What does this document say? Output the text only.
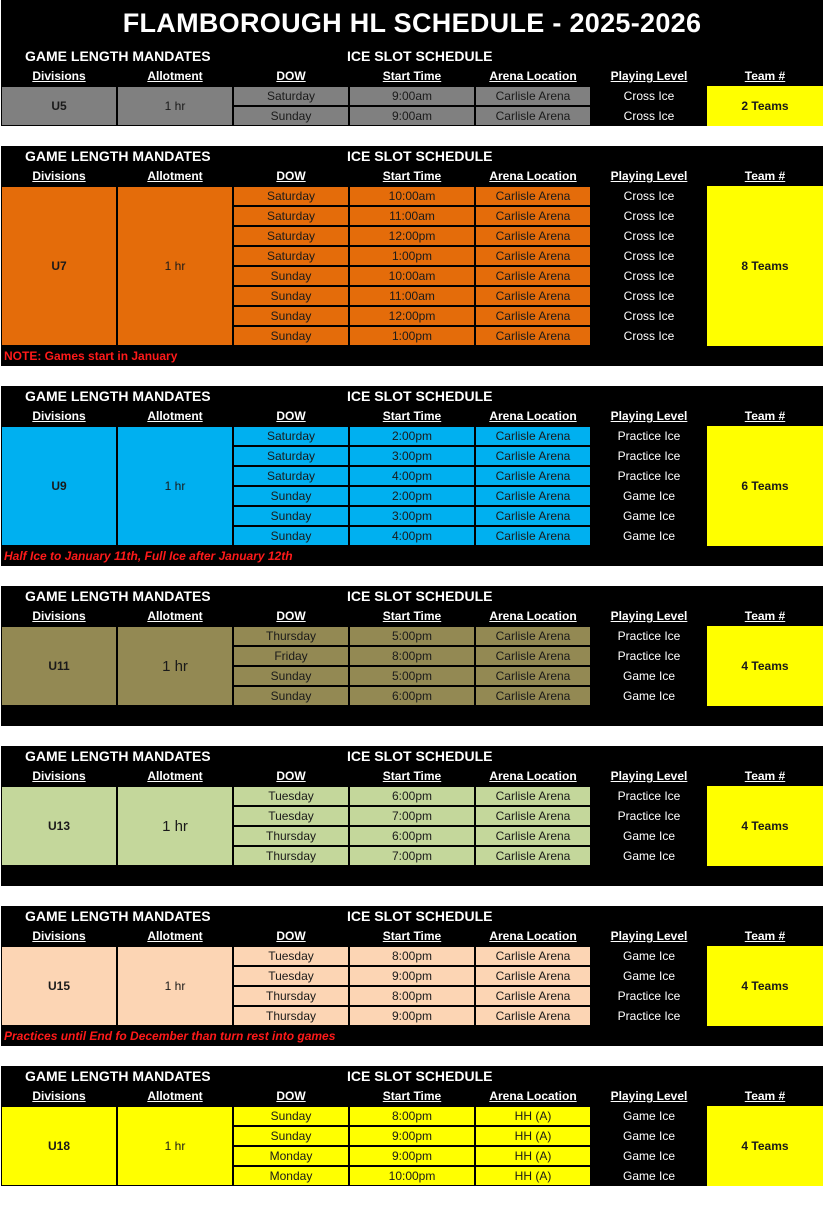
FLAMBOROUGH HL SCHEDULE - 2025-2026
GAME LENGTH MANDATES	ICE SLOT SCHEDULE
Divisions	Allotment	DOW	Start Time	Arena Location	Playing Level	Team #
U5	1 hr
Saturday	9:00am	Carlisle Arena	Cross Ice
Sunday	9:00am	Carlisle Arena	Cross Ice
2 Teams
GAME LENGTH MANDATES	ICE SLOT SCHEDULE
Divisions	Allotment	DOW	Start Time	Arena Location	Playing Level	Team #
U7	1 hr
Saturday	10:00am	Carlisle Arena	Cross Ice
Saturday	11:00am	Carlisle Arena	Cross Ice
Saturday	12:00pm	Carlisle Arena	Cross Ice
Saturday	1:00pm	Carlisle Arena	Cross Ice
Sunday	10:00am	Carlisle Arena	Cross Ice
Sunday	11:00am	Carlisle Arena	Cross Ice
Sunday	12:00pm	Carlisle Arena	Cross Ice
Sunday	1:00pm	Carlisle Arena	Cross Ice
8 Teams
NOTE: Games start in January
GAME LENGTH MANDATES	ICE SLOT SCHEDULE
Divisions	Allotment	DOW	Start Time	Arena Location	Playing Level	Team #
U9	1 hr
Saturday	2:00pm	Carlisle Arena	Practice Ice
Saturday	3:00pm	Carlisle Arena	Practice Ice
Saturday	4:00pm	Carlisle Arena	Practice Ice
Sunday	2:00pm	Carlisle Arena	Game Ice
Sunday	3:00pm	Carlisle Arena	Game Ice
Sunday	4:00pm	Carlisle Arena	Game Ice
6 Teams
Half Ice to January 11th, Full Ice after January 12th
GAME LENGTH MANDATES	ICE SLOT SCHEDULE
Divisions	Allotment	DOW	Start Time	Arena Location	Playing Level	Team #
U11	1 hr
Thursday	5:00pm	Carlisle Arena	Practice Ice
Friday	8:00pm	Carlisle Arena	Practice Ice
Sunday	5:00pm	Carlisle Arena	Game Ice
Sunday	6:00pm	Carlisle Arena	Game Ice
4 Teams
GAME LENGTH MANDATES	ICE SLOT SCHEDULE
Divisions	Allotment	DOW	Start Time	Arena Location	Playing Level	Team #
U13	1 hr
Tuesday	6:00pm	Carlisle Arena	Practice Ice
Tuesday	7:00pm	Carlisle Arena	Practice Ice
Thursday	6:00pm	Carlisle Arena	Game Ice
Thursday	7:00pm	Carlisle Arena	Game Ice
4 Teams
GAME LENGTH MANDATES	ICE SLOT SCHEDULE
Divisions	Allotment	DOW	Start Time	Arena Location	Playing Level	Team #
U15	1 hr
Tuesday	8:00pm	Carlisle Arena	Game Ice
Tuesday	9:00pm	Carlisle Arena	Game Ice
Thursday	8:00pm	Carlisle Arena	Practice Ice
Thursday	9:00pm	Carlisle Arena	Practice Ice
4 Teams
Practices until End fo December than turn rest into games
GAME LENGTH MANDATES	ICE SLOT SCHEDULE
Divisions	Allotment	DOW	Start Time	Arena Location	Playing Level	Team #
U18	1 hr
Sunday	8:00pm	HH (A)	Game Ice
Sunday	9:00pm	HH (A)	Game Ice
Monday	9:00pm	HH (A)	Game Ice
Monday	10:00pm	HH (A)	Game Ice
4 Teams
